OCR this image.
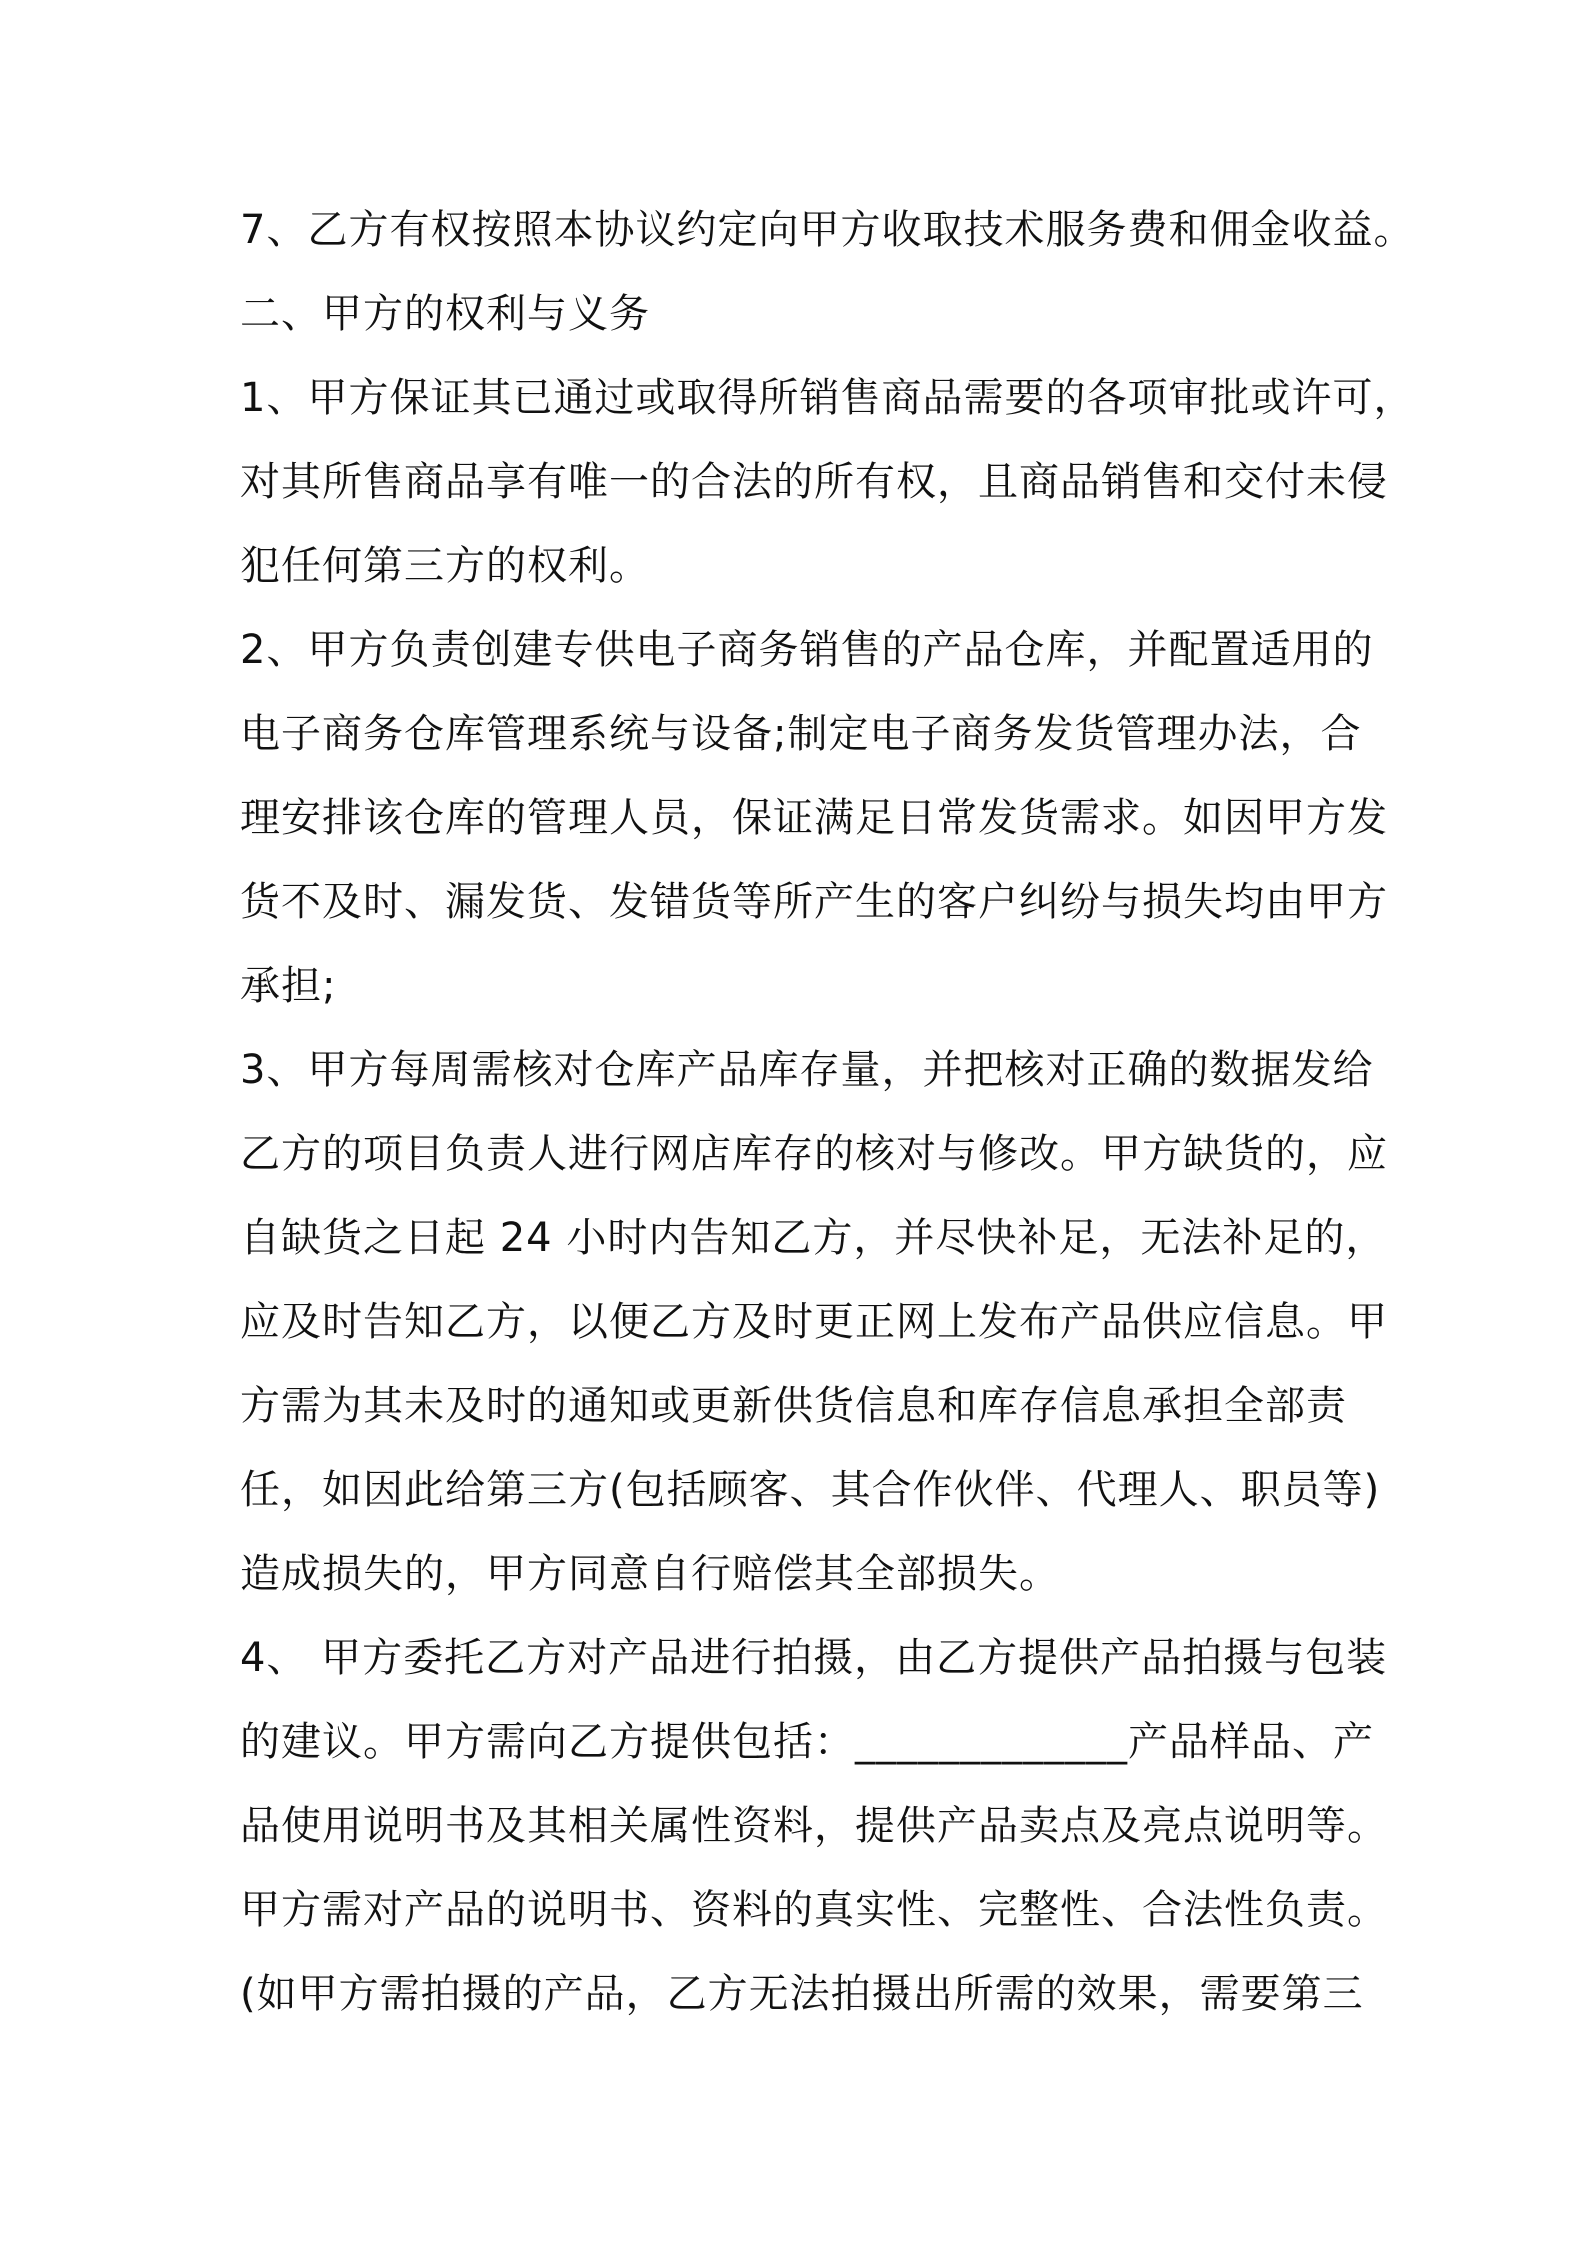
7、乙方有权按照本协议约定向甲方收取技术服务费和佣金收益。
二、甲方的权利与义务
1、甲方保证其已通过或取得所销售商品需要的各项审批或许可，
对其所售商品享有唯一的合法的所有权，且商品销售和交付未侵
犯任何第三方的权利。
2、甲方负责创建专供电子商务销售的产品仓库，并配置适用的
电子商务仓库管理系统与设备;制定电子商务发货管理办法，合
理安排该仓库的管理人员，保证满足日常发货需求。如因甲方发
货不及时、漏发货、发错货等所产生的客户纠纷与损失均由甲方
承担;
3、甲方每周需核对仓库产品库存量，并把核对正确的数据发给
乙方的项目负责人进行网店库存的核对与修改。甲方缺货的，应
自缺货之日起 24 小时内告知乙方，并尽快补足，无法补足的，
应及时告知乙方，以便乙方及时更正网上发布产品供应信息。甲
方需为其未及时的通知或更新供货信息和库存信息承担全部责
任，如因此给第三方(包括顾客、其合作伙伴、代理人、职员等)
造成损失的，甲方同意自行赔偿其全部损失。
4、 甲方委托乙方对产品进行拍摄，由乙方提供产品拍摄与包装
的建议。甲方需向乙方提供包括：_____________产品样品、产
品使用说明书及其相关属性资料，提供产品卖点及亮点说明等。
甲方需对产品的说明书、资料的真实性、完整性、合法性负责。
(如甲方需拍摄的产品，乙方无法拍摄出所需的效果，需要第三
